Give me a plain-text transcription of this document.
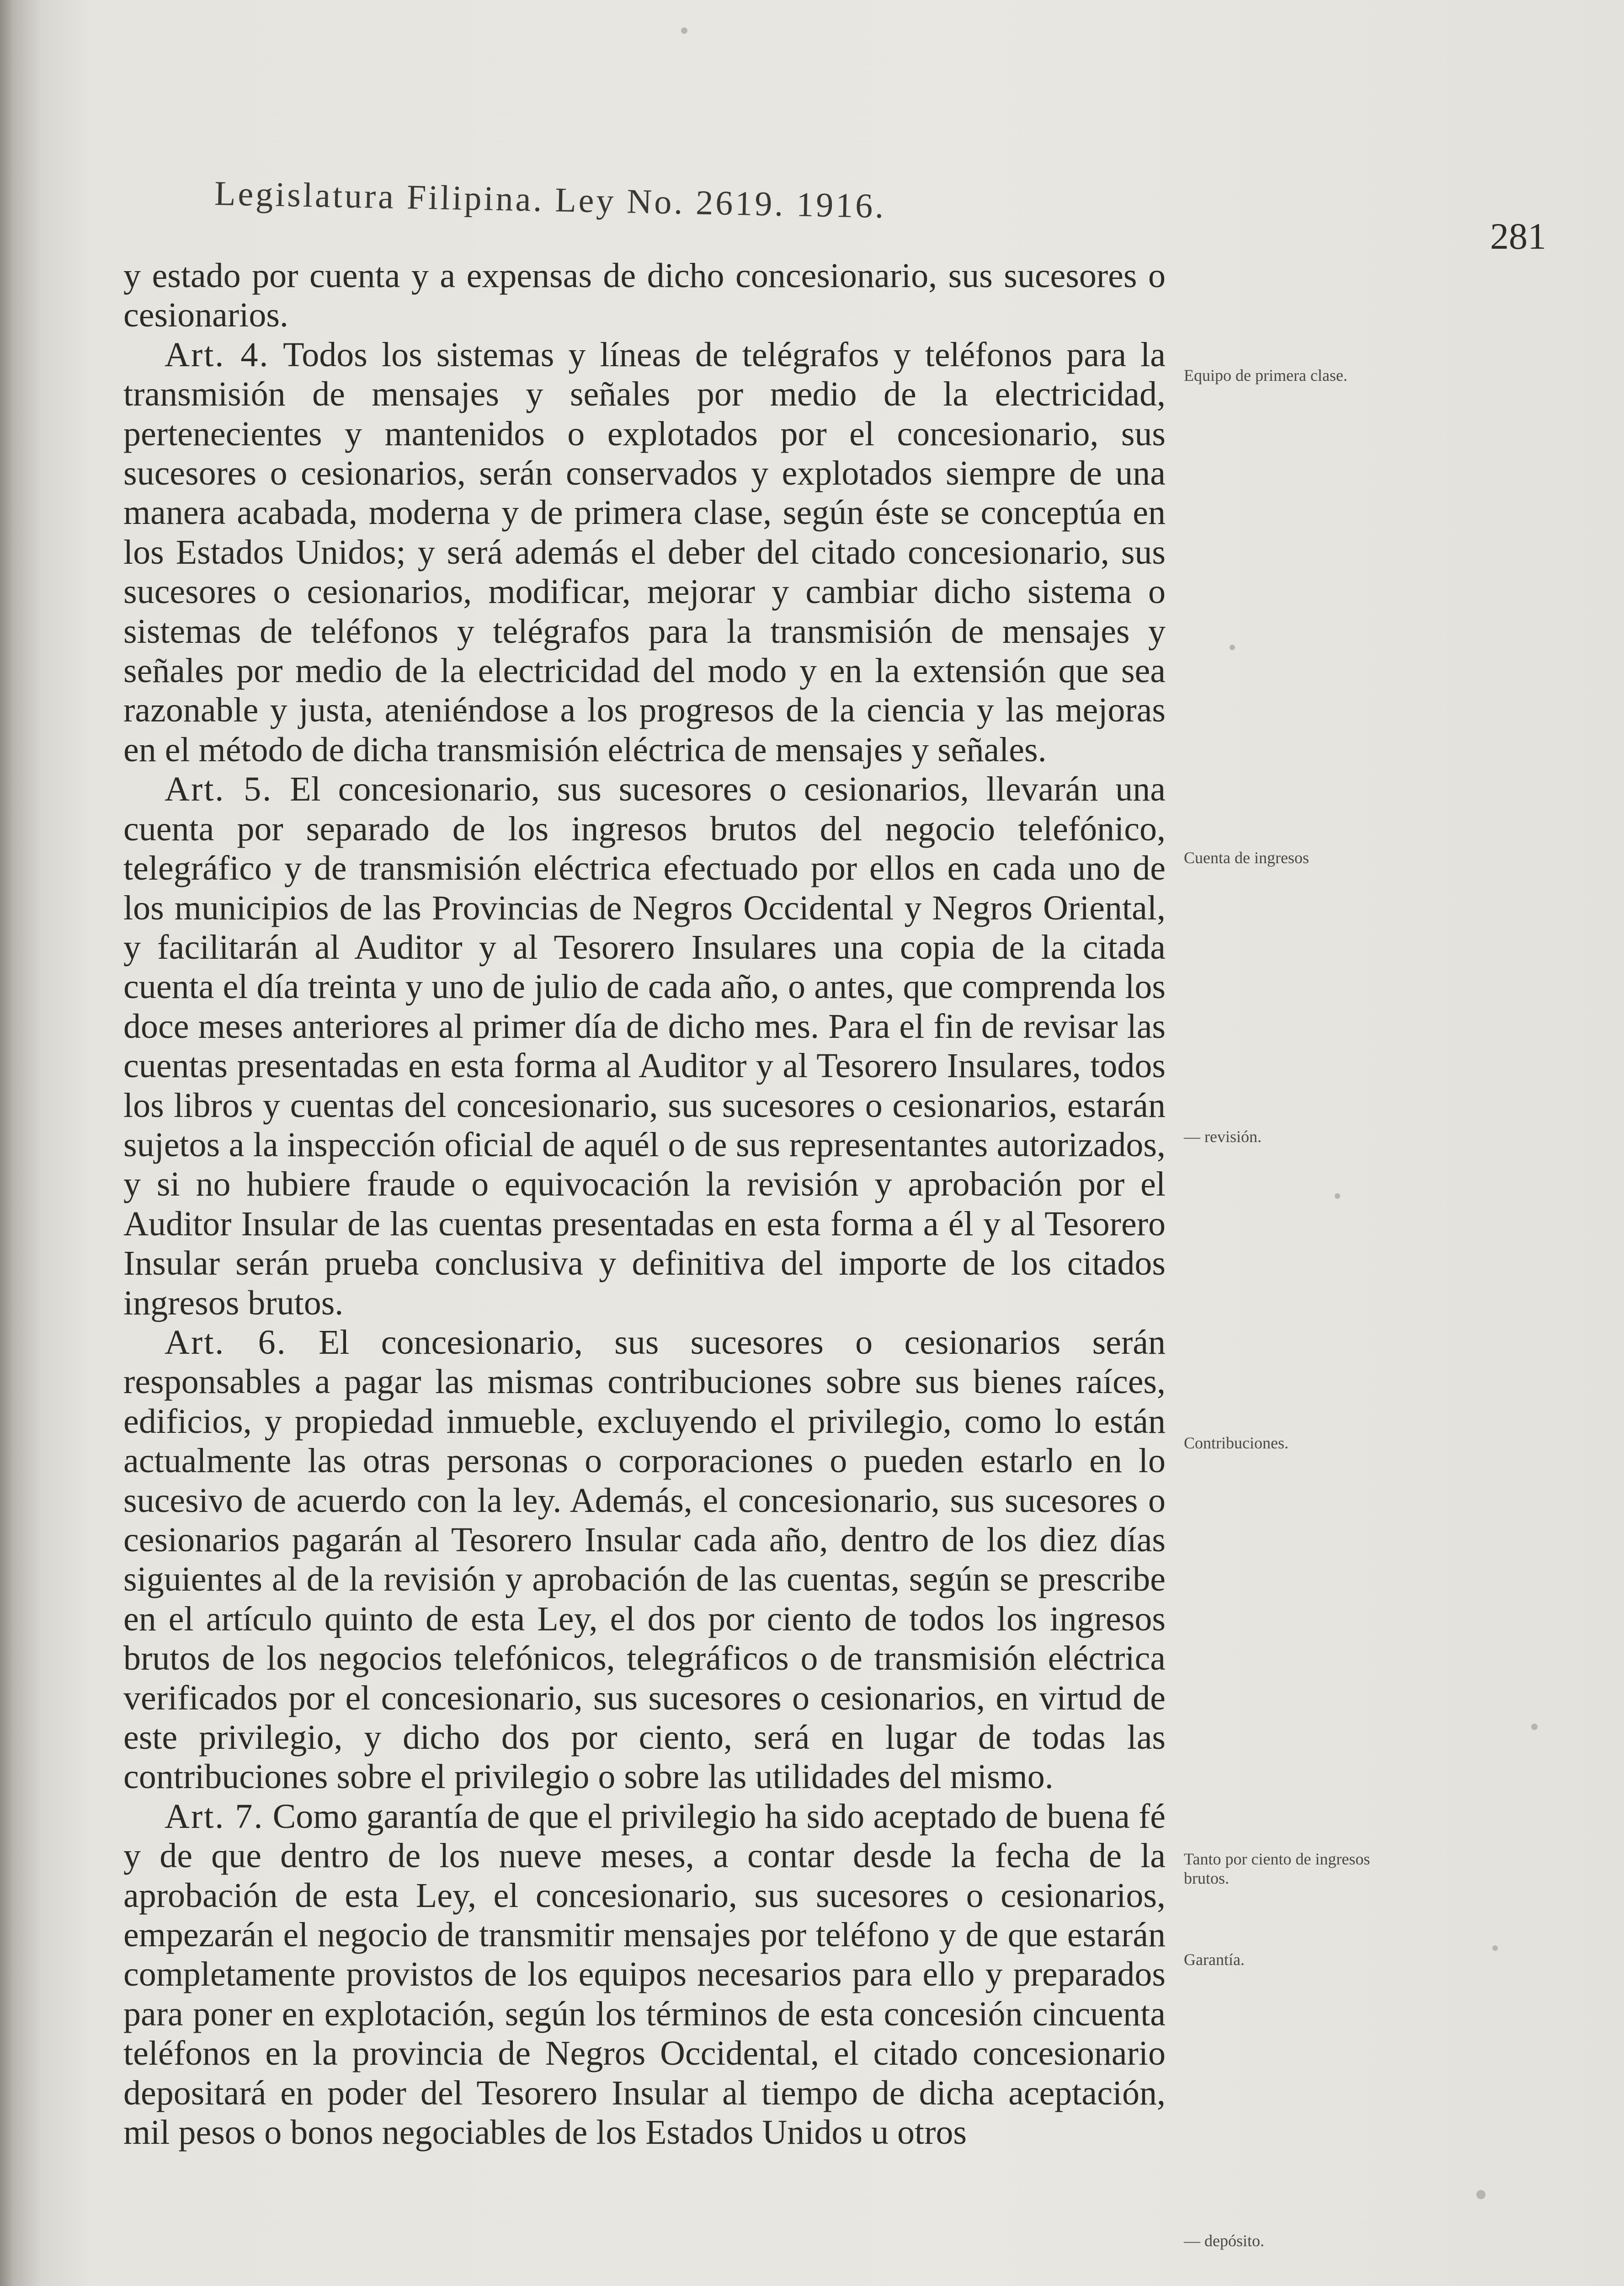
Legislatura Filipina. Ley No. 2619. 1916.
281

y estado por cuenta y a expensas de dicho concesionario, sus sucesores o cesionarios.

Art. 4. Todos los sistemas y líneas de telégrafos y teléfonos para la transmisión de mensajes y señales por medio de la electricidad, pertenecientes y mantenidos o explotados por el concesionario, sus sucesores o cesionarios, serán conservados y explotados siempre de una manera acabada, moderna y de primera clase, según éste se conceptúa en los Estados Unidos; y será además el deber del citado concesionario, sus sucesores o cesionarios, modificar, mejorar y cambiar dicho sistema o sistemas de teléfonos y telégrafos para la transmisión de mensajes y señales por medio de la electricidad del modo y en la extensión que sea razonable y justa, ateniéndose a los progresos de la ciencia y las mejoras en el método de dicha transmisión eléctrica de mensajes y señales.

Art. 5. El concesionario, sus sucesores o cesionarios, llevarán una cuenta por separado de los ingresos brutos del negocio telefónico, telegráfico y de transmisión eléctrica efectuado por ellos en cada uno de los municipios de las Provincias de Negros Occidental y Negros Oriental, y facilitarán al Auditor y al Tesorero Insulares una copia de la citada cuenta el día treinta y uno de julio de cada año, o antes, que comprenda los doce meses anteriores al primer día de dicho mes. Para el fin de revisar las cuentas presentadas en esta forma al Auditor y al Tesorero Insulares, todos los libros y cuentas del concesionario, sus sucesores o cesionarios, estarán sujetos a la inspección oficial de aquél o de sus representantes autorizados, y si no hubiere fraude o equivocación la revisión y aprobación por el Auditor Insular de las cuentas presentadas en esta forma a él y al Tesorero Insular serán prueba conclusiva y definitiva del importe de los citados ingresos brutos.

Art. 6. El concesionario, sus sucesores o cesionarios serán responsables a pagar las mismas contribuciones sobre sus bienes raíces, edificios, y propiedad inmueble, excluyendo el privilegio, como lo están actualmente las otras personas o corporaciones o pueden estarlo en lo sucesivo de acuerdo con la ley. Además, el concesionario, sus sucesores o cesionarios pagarán al Tesorero Insular cada año, dentro de los diez días siguientes al de la revisión y aprobación de las cuentas, según se prescribe en el artículo quinto de esta Ley, el dos por ciento de todos los ingresos brutos de los negocios telefónicos, telegráficos o de transmisión eléctrica verificados por el concesionario, sus sucesores o cesionarios, en virtud de este privilegio, y dicho dos por ciento, será en lugar de todas las contribuciones sobre el privilegio o sobre las utilidades del mismo.

Art. 7. Como garantía de que el privilegio ha sido aceptado de buena fé y de que dentro de los nueve meses, a contar desde la fecha de la aprobación de esta Ley, el concesionario, sus sucesores o cesionarios, empezarán el negocio de transmitir mensajes por teléfono y de que estarán completamente provistos de los equipos necesarios para ello y preparados para poner en explotación, según los términos de esta concesión cincuenta teléfonos en la provincia de Negros Occidental, el citado concesionario depositará en poder del Tesorero Insular al tiempo de dicha aceptación, mil pesos o bonos negociables de los Estados Unidos u otros

Equipo de primera clase.
Cuenta de ingresos
— revisión.
Contribuciones.
Tanto por ciento de ingresos brutos.
Garantía.
— depósito.
